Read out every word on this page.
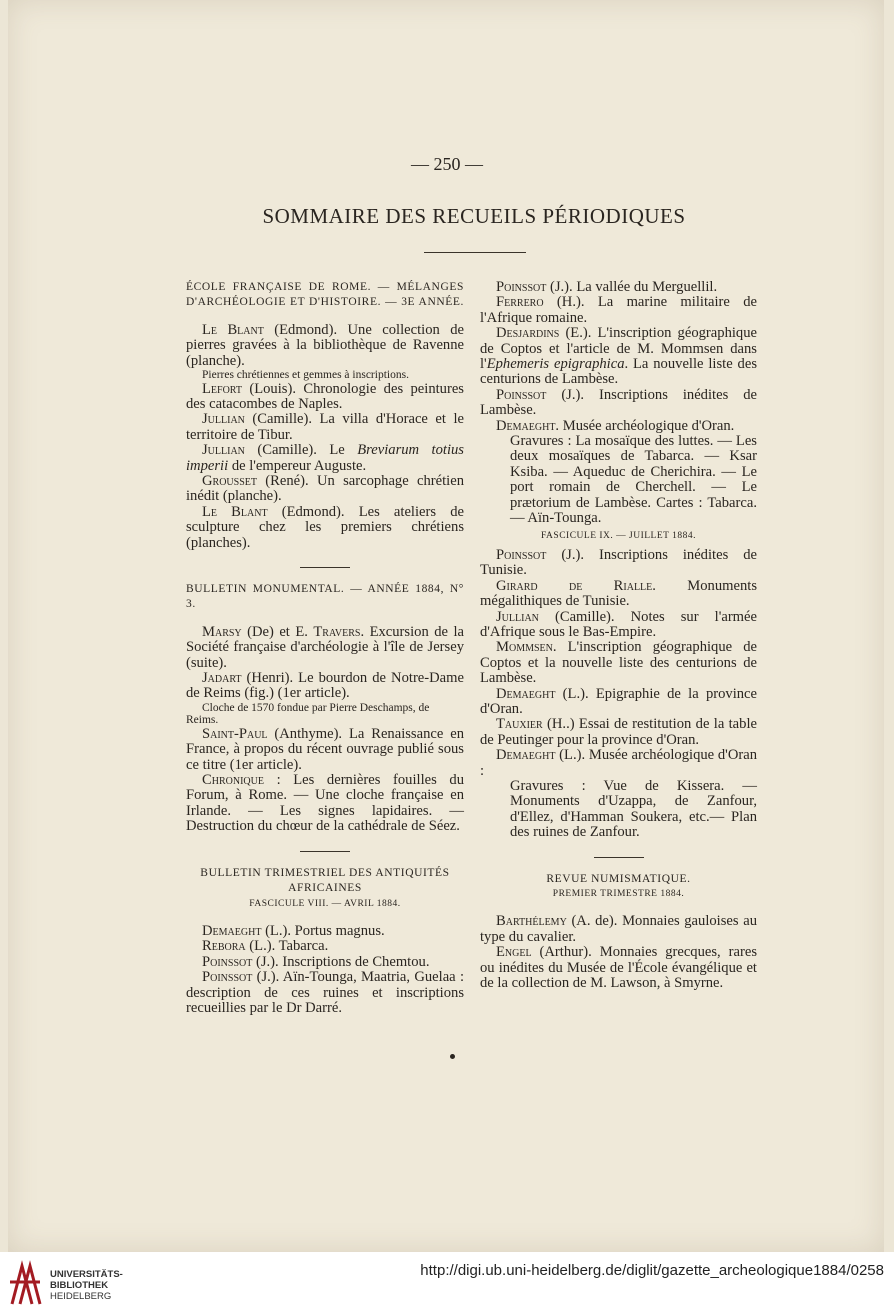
— 250 —
SOMMAIRE DES RECUEILS PÉRIODIQUES
ÉCOLE FRANÇAISE DE ROME. — MÉLANGES
D'ARCHÉOLOGIE ET D'HISTOIRE. — 3E ANNÉE.

Le Blant (Edmond). Une collection de pierres gravées à la bibliothèque de Ravenne (planche).

Pierres chrétiennes et gemmes à inscriptions.

Lefort (Louis). Chronologie des peintures des catacombes de Naples.

Jullian (Camille). La villa d'Horace et le territoire de Tibur.

Jullian (Camille). Le Breviarum totius imperii de l'empereur Auguste.

Grousset (René). Un sarcophage chrétien inédit (planche).

Le Blant (Edmond). Les ateliers de sculpture chez les premiers chrétiens (planches).

BULLETIN MONUMENTAL. — ANNÉE 1884, N° 3.

Marsy (De) et E. Travers. Excursion de la Société française d'archéologie à l'île de Jersey (suite).

Jadart (Henri). Le bourdon de Notre-Dame de Reims (fig.) (1er article).

Cloche de 1570 fondue par Pierre Deschamps, de Reims.

Saint-Paul (Anthyme). La Renaissance en France, à propos du récent ouvrage publié sous ce titre (1er article).

Chronique : Les dernières fouilles du Forum, à Rome. — Une cloche française en Irlande. — Les signes lapidaires. — Destruction du chœur de la cathédrale de Séez.

BULLETIN TRIMESTRIEL DES ANTIQUITÉS AFRICAINES
FASCICULE VIII. — AVRIL 1884.

Demaeght (L.). Portus magnus.

Rebora (L.). Tabarca.

Poinssot (J.). Inscriptions de Chemtou.

Poinssot (J.). Aïn-Tounga, Maatria, Guelaa : description de ces ruines et inscriptions recueillies par le Dr Darré.

Poinssot (J.). La vallée du Merguellil.

Ferrero (H.). La marine militaire de l'Afrique romaine.

Desjardins (E.). L'inscription géographique de Coptos et l'article de M. Mommsen dans l'Ephemeris epigraphica. La nouvelle liste des centurions de Lambèse.

Poinssot (J.). Inscriptions inédites de Lambèse.

Demaeght. Musée archéologique d'Oran.

Gravures : La mosaïque des luttes. — Les deux mosaïques de Tabarca. — Ksar Ksiba. — Aqueduc de Cherichira. — Le port romain de Cherchell. — Le prætorium de Lambèse. Cartes : Tabarca. — Aïn-Tounga.

FASCICULE IX. — JUILLET 1884.

Poinssot (J.). Inscriptions inédites de Tunisie.

Girard de Rialle. Monuments mégalithiques de Tunisie.

Jullian (Camille). Notes sur l'armée d'Afrique sous le Bas-Empire.

Mommsen. L'inscription géographique de Coptos et la nouvelle liste des centurions de Lambèse.

Demaeght (L.). Epigraphie de la province d'Oran.

Tauxier (H..) Essai de restitution de la table de Peutinger pour la province d'Oran.

Demaeght (L.). Musée archéologique d'Oran :

Gravures : Vue de Kissera. — Monuments d'Uzappa, de Zanfour, d'Ellez, d'Hamman Soukera, etc.— Plan des ruines de Zanfour.

REVUE NUMISMATIQUE.
PREMIER TRIMESTRE 1884.

Barthélemy (A. de). Monnaies gauloises au type du cavalier.

Engel (Arthur). Monnaies grecques, rares ou inédites du Musée de l'École évangélique et de la collection de M. Lawson, à Smyrne.

UNIVERSITÄTS-
BIBLIOTHEK
HEIDELBERG
http://digi.ub.uni-heidelberg.de/diglit/gazette_archeologique1884/0258
